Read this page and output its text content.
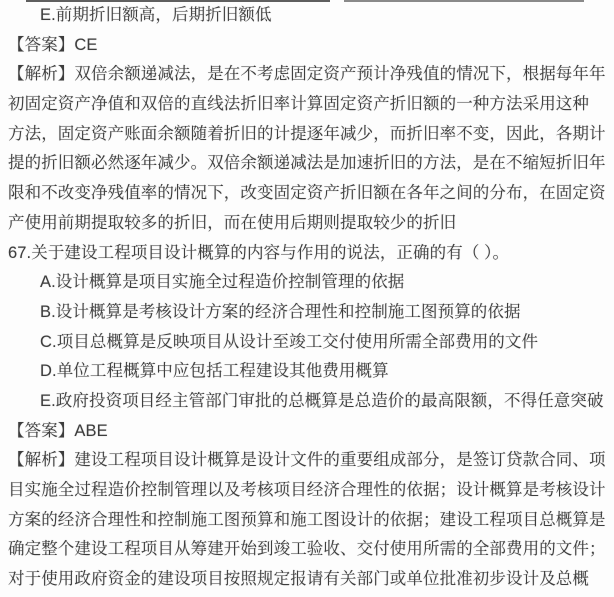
E.前期折旧额高，后期折旧额低
【答案】CE
【解析】双倍余额递减法，是在不考虑固定资产预计净残值的情况下，根据每年年
初固定资产净值和双倍的直线法折旧率计算固定资产折旧额的一种方法采用这种
方法，固定资产账面余额随着折旧的计提逐年减少，而折旧率不变，因此，各期计
提的折旧额必然逐年减少。双倍余额递减法是加速折旧的方法，是在不缩短折旧年
限和不改变净残值率的情况下，改变固定资产折旧额在各年之间的分布，在固定资
产使用前期提取较多的折旧，而在使用后期则提取较少的折旧
67.关于建设工程项目设计概算的内容与作用的说法，正确的有（ ）。
A.设计概算是项目实施全过程造价控制管理的依据
B.设计概算是考核设计方案的经济合理性和控制施工图预算的依据
C.项目总概算是反映项目从设计至竣工交付使用所需全部费用的文件
D.单位工程概算中应包括工程建设其他费用概算
E.政府投资项目经主管部门审批的总概算是总造价的最高限额，不得任意突破
【答案】ABE
【解析】建设工程项目设计概算是设计文件的重要组成部分，是签订贷款合同、项
目实施全过程造价控制管理以及考核项目经济合理性的依据；设计概算是考核设计
方案的经济合理性和控制施工图预算和施工图设计的依据；建设工程项目总概算是
确定整个建设工程项目从筹建开始到竣工验收、交付使用所需的全部费用的文件；
对于使用政府资金的建设项目按照规定报请有关部门或单位批准初步设计及总概
